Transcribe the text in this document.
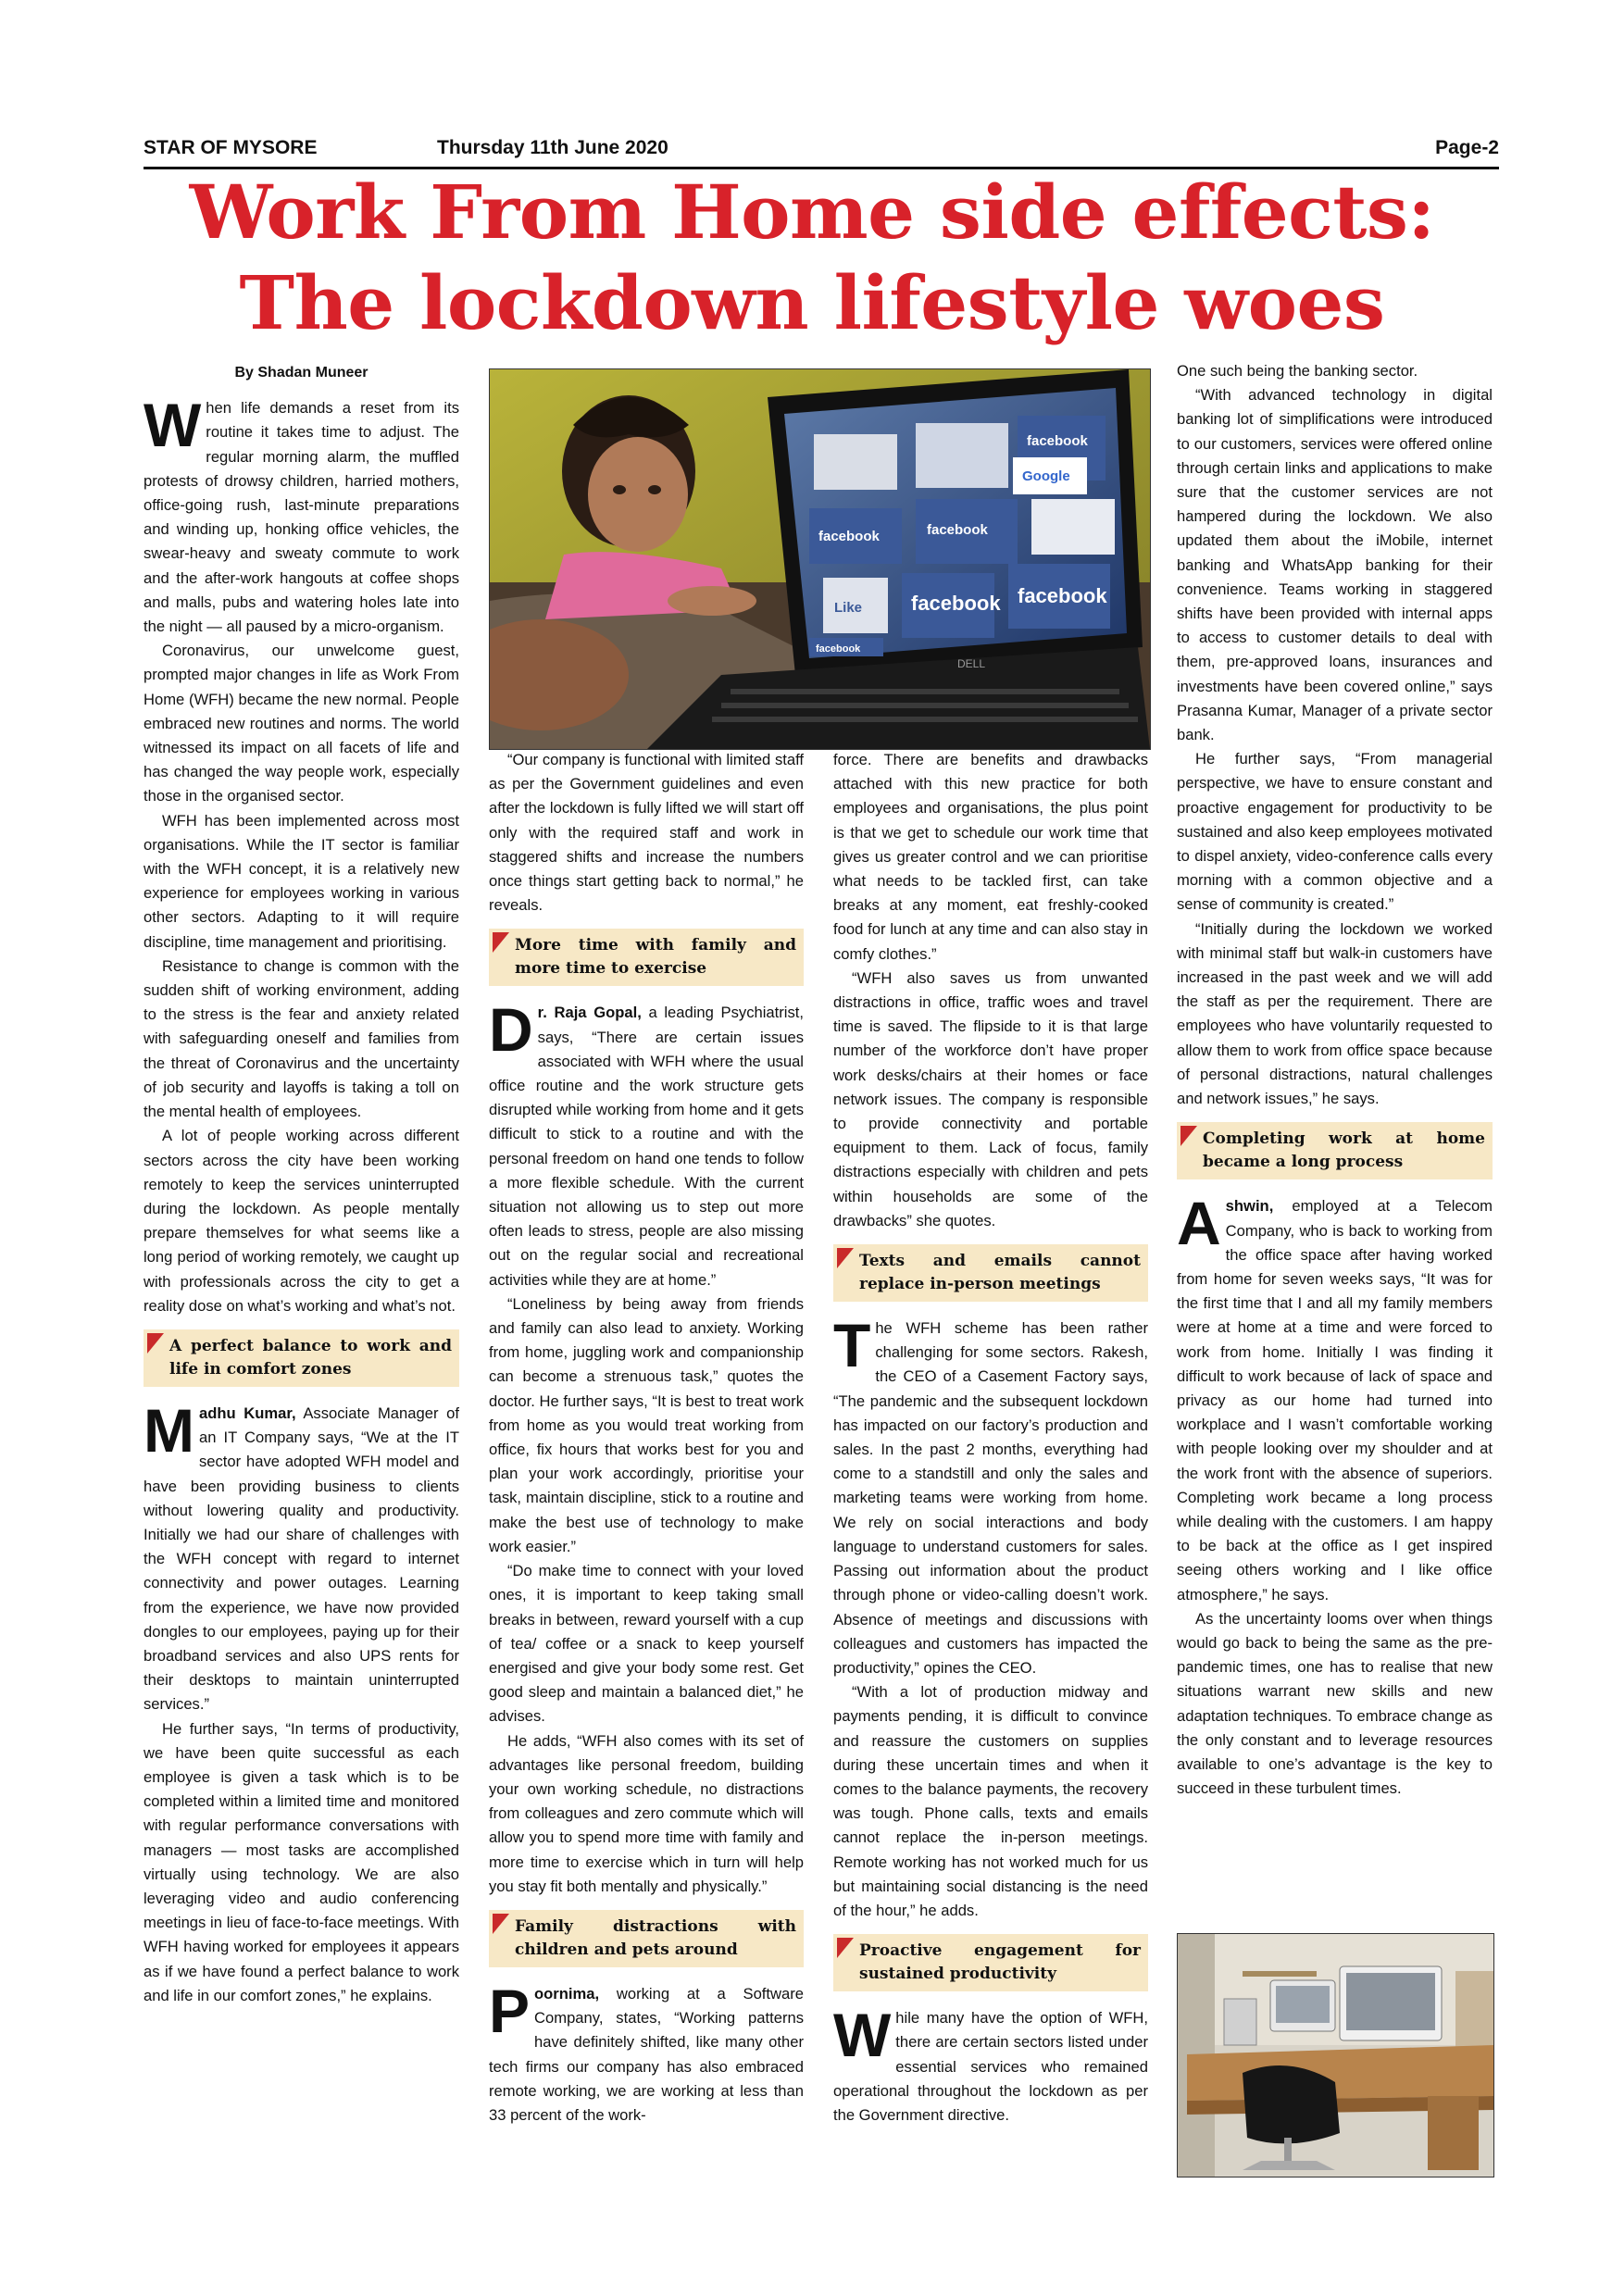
STAR OF MYSORE	Thursday 11th June 2020	Page-2
Work From Home side effects:
The lockdown lifestyle woes

By Shadan Muneer

When life demands a reset from its routine it takes time to adjust. The regular morning alarm, the muffled protests of drowsy children, harried mothers, office-going rush, last-minute preparations and winding up, honking office vehicles, the swear-heavy and sweaty commute to work and the after-work hangouts at coffee shops and malls, pubs and watering holes late into the night — all paused by a micro-organism.

Coronavirus, our unwelcome guest, prompted major changes in life as Work From Home (WFH) became the new normal. People embraced new routines and norms. The world witnessed its impact on all facets of life and has changed the way people work, especially those in the organised sector.

WFH has been implemented across most organisations. While the IT sector is familiar with the WFH concept, it is a relatively new experience for employees working in various other sectors. Adapting to it will require discipline, time management and prioritising.

Resistance to change is common with the sudden shift of working environment, adding to the stress is the fear and anxiety related with safeguarding oneself and families from the threat of Coronavirus and the uncertainty of job security and layoffs is taking a toll on the mental health of employees.

A lot of people working across different sectors across the city have been working remotely to keep the services uninterrupted during the lockdown. As people mentally prepare themselves for what seems like a long period of working remotely, we caught up with professionals across the city to get a reality dose on what’s working and what’s not.

A perfect balance to work and life in comfort zones

Madhu Kumar, Associate Manager of an IT Company says, “We at the IT sector have adopted WFH model and have been providing business to clients without lowering quality and productivity. Initially we had our share of challenges with the WFH concept with regard to internet connectivity and power outages. Learning from the experience, we have now provided dongles to our employees, paying up for their broadband services and also UPS rents for their desktops to maintain uninterrupted services.”

He further says, “In terms of productivity, we have been quite successful as each employee is given a task which is to be completed within a limited time and monitored with regular performance conversations with managers — most tasks are accomplished virtually using technology. We are also leveraging video and audio conferencing meetings in lieu of face-to-face meetings. With WFH having worked for employees it appears as if we have found a perfect balance to work and life in our comfort zones,” he explains.

DELL
facebook
Google
facebook	facebook
Like facebook facebook
facebook

“Our company is functional with limited staff as per the Government guidelines and even after the lockdown is fully lifted we will start off only with the required staff and work in staggered shifts and increase the numbers once things start getting back to normal,” he reveals.

More time with family and more time to exercise

Dr. Raja Gopal, a leading Psychiatrist, says, “There are certain issues associated with WFH where the usual office routine and the work structure gets disrupted while working from home and it gets difficult to stick to a routine and with the personal freedom on hand one tends to follow a more flexible schedule. With the current situation not allowing us to step out more often leads to stress, people are also missing out on the regular social and recreational activities while they are at home.”

“Loneliness by being away from friends and family can also lead to anxiety. Working from home, juggling work and companionship can become a strenuous task,” quotes the doctor. He further says, “It is best to treat work from home as you would treat working from office, fix hours that works best for you and plan your work accordingly, prioritise your task, maintain discipline, stick to a routine and make the best use of technology to make work easier.”

“Do make time to connect with your loved ones, it is important to keep taking small breaks in between, reward yourself with a cup of tea/ coffee or a snack to keep yourself energised and give your body some rest. Get good sleep and maintain a balanced diet,” he advises.

He adds, “WFH also comes with its set of advantages like personal freedom, building your own working schedule, no distractions from colleagues and zero commute which will allow you to spend more time with family and more time to exercise which in turn will help you stay fit both mentally and physically.”

Family distractions with children and pets around

Poornima, working at a Software Company, states, “Working patterns have definitely shifted, like many other tech firms our company has also embraced remote working, we are working at less than 33 percent of the work-

force. There are benefits and drawbacks attached with this new practice for both employees and organisations, the plus point is that we get to schedule our work time that gives us greater control and we can prioritise what needs to be tackled first, can take breaks at any moment, eat freshly-cooked food for lunch at any time and can also stay in comfy clothes.”

“WFH also saves us from unwanted distractions in office, traffic woes and travel time is saved. The flipside to it is that large number of the workforce don’t have proper work desks/chairs at their homes or face network issues. The company is responsible to provide connectivity and portable equipment to them. Lack of focus, family distractions especially with children and pets within households are some of the drawbacks” she quotes.

Texts and emails cannot replace in-person meetings

The WFH scheme has been rather challenging for some sectors. Rakesh, the CEO of a Casement Factory says, “The pandemic and the subsequent lockdown has impacted on our factory’s production and sales. In the past 2 months, everything had come to a standstill and only the sales and marketing teams were working from home. We rely on social interactions and body language to understand customers for sales. Passing out information about the product through phone or video-calling doesn’t work. Absence of meetings and discussions with colleagues and customers has impacted the productivity,” opines the CEO.

“With a lot of production midway and payments pending, it is difficult to convince and reassure the customers on supplies during these uncertain times and when it comes to the balance payments, the recovery was tough. Phone calls, texts and emails cannot replace the in-person meetings. Remote working has not worked much for us but maintaining social distancing is the need of the hour,” he adds.

Proactive engagement for sustained productivity

While many have the option of WFH, there are certain sectors listed under essential services who remained operational throughout the lockdown as per the Government directive.

One such being the banking sector.

“With advanced technology in digital banking lot of simplifications were introduced to our customers, services were offered online through certain links and applications to make sure that the customer services are not hampered during the lockdown. We also updated them about the iMobile, internet banking and WhatsApp banking for their convenience. Teams working in staggered shifts have been provided with internal apps to access to customer details to deal with them, pre-approved loans, insurances and investments have been covered online,” says Prasanna Kumar, Manager of a private sector bank.

He further says, “From managerial perspective, we have to ensure constant and proactive engagement for productivity to be sustained and also keep employees motivated to dispel anxiety, video-conference calls every morning with a common objective and a sense of community is created.”

“Initially during the lockdown we worked with minimal staff but walk-in customers have increased in the past week and we will add the staff as per the requirement. There are employees who have voluntarily requested to allow them to work from office space because of personal distractions, natural challenges and network issues,” he says.

Completing work at home became a long process

Ashwin, employed at a Telecom Company, who is back to working from the office space after having worked from home for seven weeks says, “It was for the first time that I and all my family members were at home at a time and were forced to work from home. Initially I was finding it difficult to work because of lack of space and privacy as our home had turned into workplace and I wasn’t comfortable working with people looking over my shoulder and at the work front with the absence of superiors. Completing work became a long process while dealing with the customers. I am happy to be back at the office as I get inspired seeing others working and I like office atmosphere,” he says.

As the uncertainty looms over when things would go back to being the same as the pre-pandemic times, one has to realise that new situations warrant new skills and new adaptation techniques. To embrace change as the only constant and to leverage resources available to one’s advantage is the key to succeed in these turbulent times.
